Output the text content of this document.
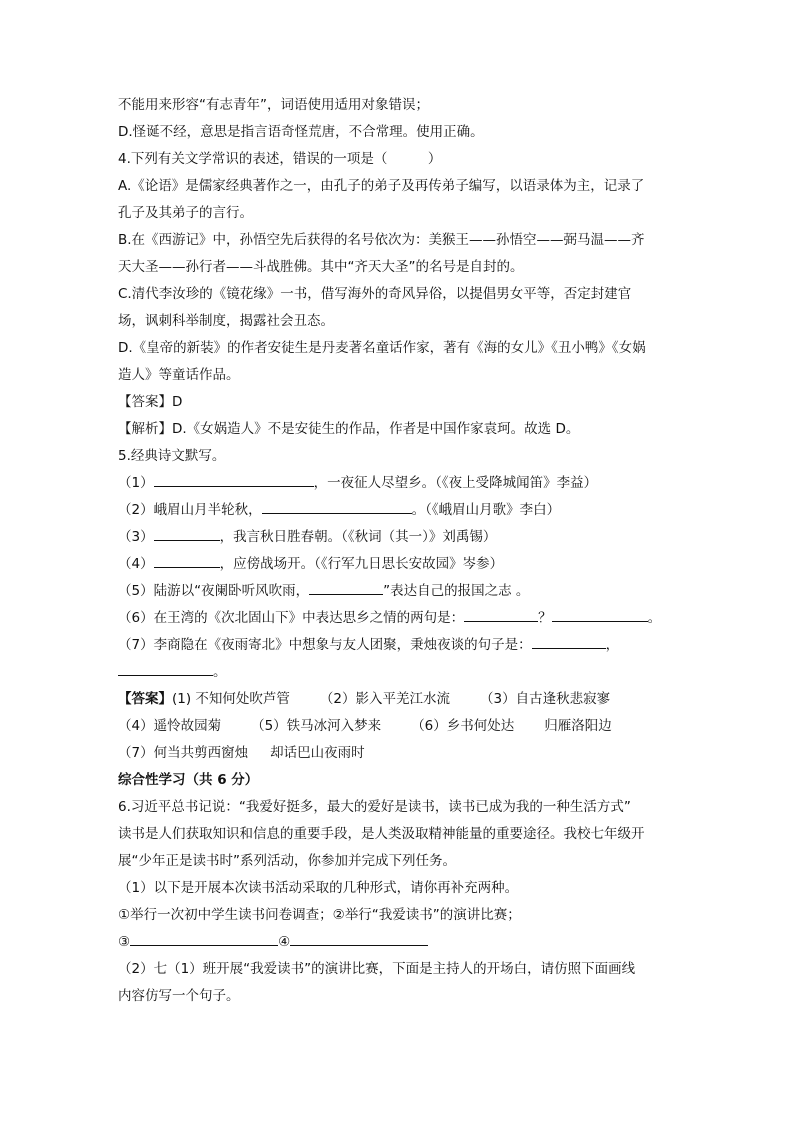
不能用来形容“有志青年”，词语使用适用对象错误；
D.怪诞不经，意思是指言语奇怪荒唐，不合常理。使用正确。
4.下列有关文学常识的表述，错误的一项是（　　　）
A.《论语》是儒家经典著作之一，由孔子的弟子及再传弟子编写，以语录体为主，记录了
孔子及其弟子的言行。
B.在《西游记》中，孙悟空先后获得的名号依次为：美猴王——孙悟空——弼马温——齐
天大圣——孙行者——斗战胜佛。其中“齐天大圣”的名号是自封的。
C.清代李汝珍的《镜花缘》一书，借写海外的奇风异俗，以提倡男女平等，否定封建官
场，讽刺科举制度，揭露社会丑态。
D.《皇帝的新装》的作者安徒生是丹麦著名童话作家，著有《海的女儿》《丑小鸭》《女娲
造人》等童话作品。
【答案】D
【解析】D.《女娲造人》不是安徒生的作品，作者是中国作家袁珂。故选 D。
5.经典诗文默写。
（1）	，一夜征人尽望乡。（《夜上受降城闻笛》李益）
（2）峨眉山月半轮秋，	。（《峨眉山月歌》李白）
（3）	，我言秋日胜春朝。（《秋词（其一）》刘禹锡）
（4）	，应傍战场开。（《行军九日思长安故园》岑参）
（5）陆游以“夜阑卧听风吹雨，	”表达自己的报国之志 。
（6）在王湾的《次北固山下》中表达思乡之情的两句是：	？	。
（7）李商隐在《夜雨寄北》中想象与友人团聚，秉烛夜谈的句子是：	，
。
【答案】(1) 不知何处吹芦管 （2）影入平羌江水流 （3）自古逢秋悲寂寥
（4）遥怜故园菊 （5）铁马冰河入梦来 （6）乡书何处达 归雁洛阳边
（7）何当共剪西窗烛 却话巴山夜雨时
综合性学习（共 6 分）
6.习近平总书记说：“我爱好挺多，最大的爱好是读书，读书已成为我的一种生活方式”
读书是人们获取知识和信息的重要手段，是人类汲取精神能量的重要途径。我校七年级开
展“少年正是读书时”系列活动，你参加并完成下列任务。
（1）以下是开展本次读书活动采取的几种形式，请你再补充两种。
①举行一次初中学生读书问卷调查；②举行“我爱读书”的演讲比赛；
③	④
（2）七（1）班开展“我爱读书”的演讲比赛，下面是主持人的开场白，请仿照下面画线
内容仿写一个句子。
